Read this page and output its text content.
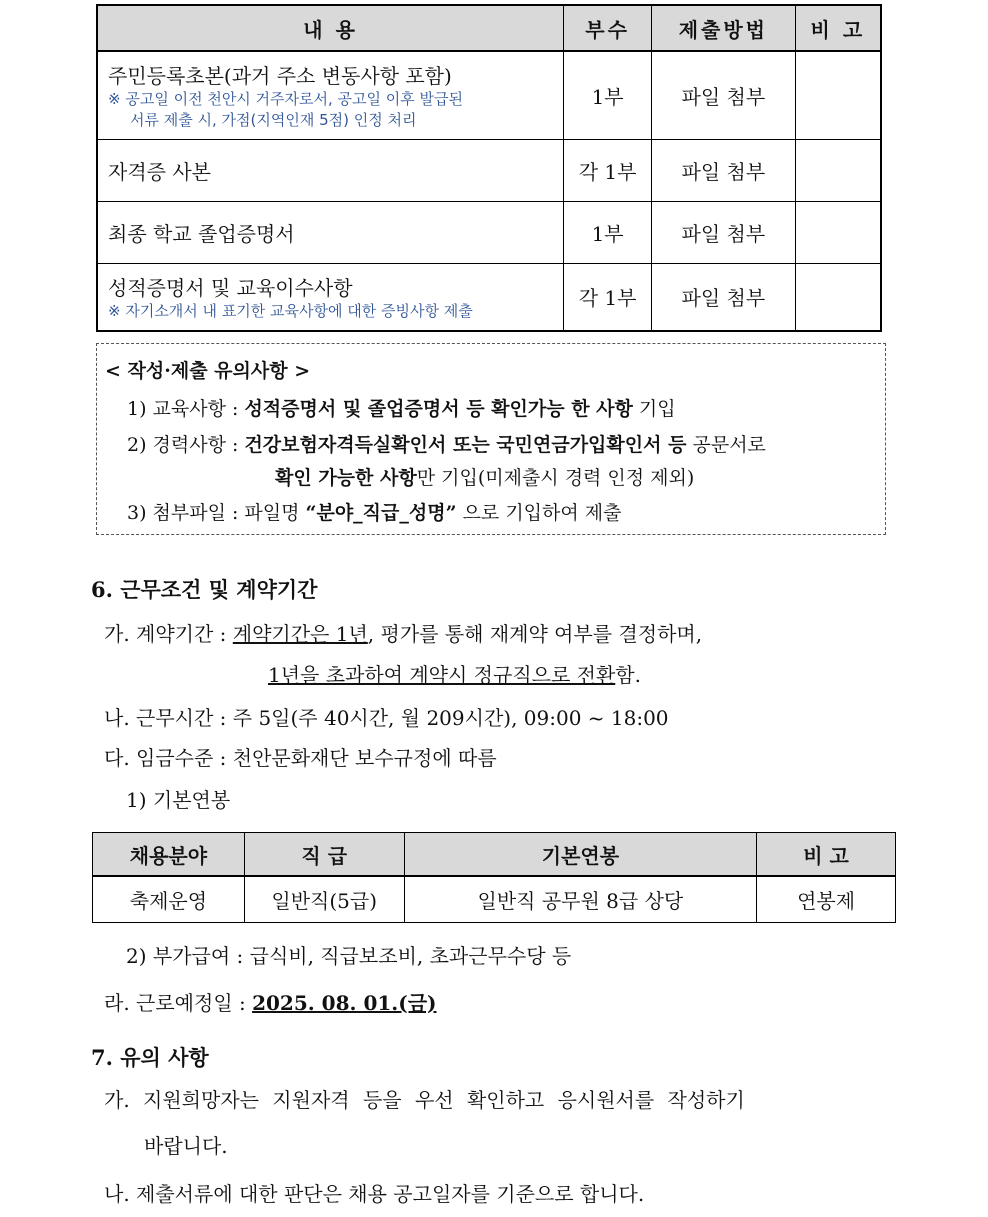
내 용	부수	제출방법	비 고

주민등록초본(과거 주소 변동사항 포함)
※ 공고일 이전 천안시 거주자로서, 공고일 이후 발급된
서류 제출 시, 가점(지역인재 5점) 인정 처리	1부	파일 첨부	
자격증 사본	각 1부	파일 첨부	
최종 학교 졸업증명서	1부	파일 첨부	

성적증명서 및 교육이수사항
※ 자기소개서 내 표기한 교육사항에 대한 증빙사항 제출	각 1부	파일 첨부	
< 작성·제출 유의사항 >
1) 교육사항 : 성적증명서 및 졸업증명서 등 확인가능 한 사항 기입
2) 경력사항 : 건강보험자격득실확인서 또는 국민연금가입확인서 등 공문서로
확인 가능한 사항만 기입(미제출시 경력 인정 제외)
3) 첨부파일 : 파일명 “분야_직급_성명” 으로 기입하여 제출
6. 근무조건 및 계약기간
가. 계약기간 : 계약기간은 1년, 평가를 통해 재계약 여부를 결정하며,
1년을 초과하여 계약시 정규직으로 전환함.
나. 근무시간 : 주 5일(주 40시간, 월 209시간), 09:00 ~ 18:00
다. 임금수준 : 천안문화재단 보수규정에 따름
1) 기본연봉
채용분야	직 급	기본연봉	비 고
축제운영	일반직(5급)	일반직 공무원 8급 상당	연봉제
2) 부가급여 : 급식비, 직급보조비, 초과근무수당 등
라. 근로예정일 : 2025. 08. 01.(금)
7. 유의 사항
가. 지원희망자는 지원자격 등을 우선 확인하고 응시원서를 작성하기
바랍니다.
나. 제출서류에 대한 판단은 채용 공고일자를 기준으로 합니다.
